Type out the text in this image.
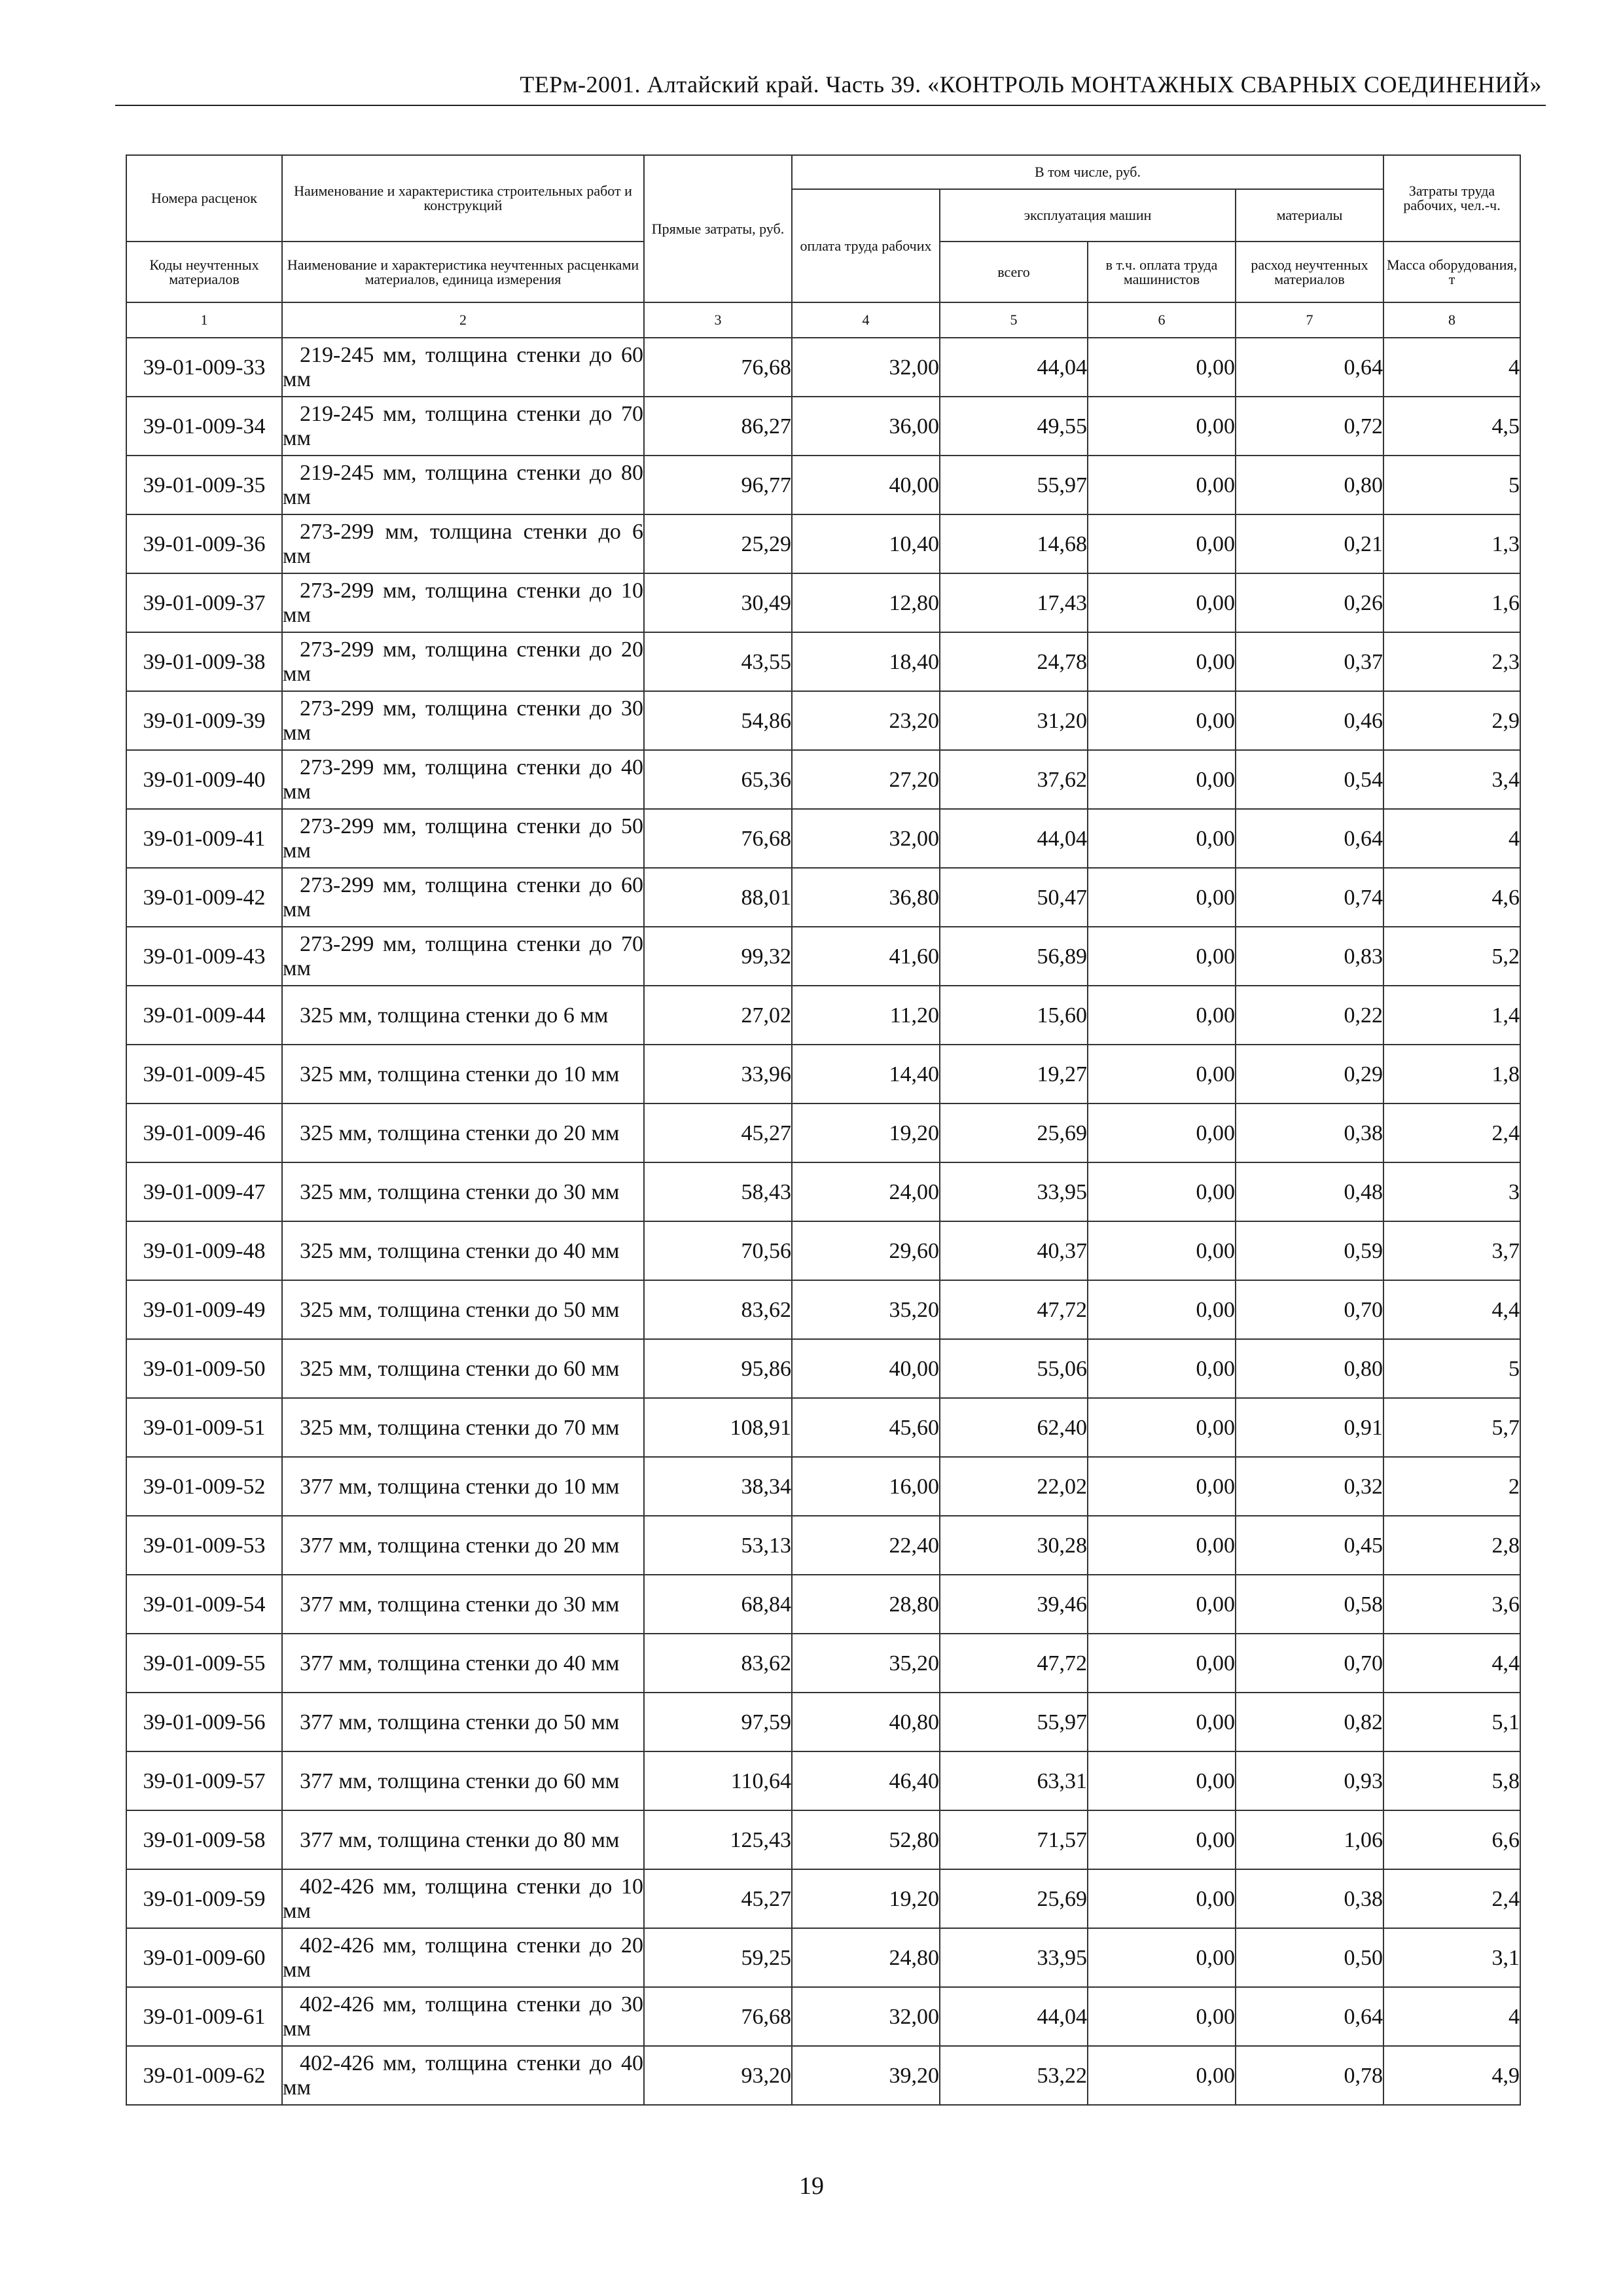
ТЕРм-2001. Алтайский край. Часть 39. «КОНТРОЛЬ МОНТАЖНЫХ СВАРНЫХ СОЕДИНЕНИЙ»
Номера расценок	Наименование и характеристика строительных работ и конструкций	Прямые затраты, руб.	В том числе, руб.				Затраты труда рабочих, чел.-ч.
			оплата труда рабочих	эксплуатация машин		материалы	
Коды неучтенных материалов	Наименование и характеристика неучтенных расценками материалов, единица измерения			всего	в т.ч. оплата труда машинистов	расход неучтенных материалов	Масса оборудования, т
1	2	3	4	5	6	7	8
39-01-009-33	219-245 мм, толщина стенки до 60 мм	76,68	32,00	44,04	0,00	0,64	4
39-01-009-34	219-245 мм, толщина стенки до 70 мм	86,27	36,00	49,55	0,00	0,72	4,5
39-01-009-35	219-245 мм, толщина стенки до 80 мм	96,77	40,00	55,97	0,00	0,80	5
39-01-009-36	273-299 мм, толщина стенки до 6 мм	25,29	10,40	14,68	0,00	0,21	1,3
39-01-009-37	273-299 мм, толщина стенки до 10 мм	30,49	12,80	17,43	0,00	0,26	1,6
39-01-009-38	273-299 мм, толщина стенки до 20 мм	43,55	18,40	24,78	0,00	0,37	2,3
39-01-009-39	273-299 мм, толщина стенки до 30 мм	54,86	23,20	31,20	0,00	0,46	2,9
39-01-009-40	273-299 мм, толщина стенки до 40 мм	65,36	27,20	37,62	0,00	0,54	3,4
39-01-009-41	273-299 мм, толщина стенки до 50 мм	76,68	32,00	44,04	0,00	0,64	4
39-01-009-42	273-299 мм, толщина стенки до 60 мм	88,01	36,80	50,47	0,00	0,74	4,6
39-01-009-43	273-299 мм, толщина стенки до 70 мм	99,32	41,60	56,89	0,00	0,83	5,2
39-01-009-44	325 мм, толщина стенки до 6 мм	27,02	11,20	15,60	0,00	0,22	1,4
39-01-009-45	325 мм, толщина стенки до 10 мм	33,96	14,40	19,27	0,00	0,29	1,8
39-01-009-46	325 мм, толщина стенки до 20 мм	45,27	19,20	25,69	0,00	0,38	2,4
39-01-009-47	325 мм, толщина стенки до 30 мм	58,43	24,00	33,95	0,00	0,48	3
39-01-009-48	325 мм, толщина стенки до 40 мм	70,56	29,60	40,37	0,00	0,59	3,7
39-01-009-49	325 мм, толщина стенки до 50 мм	83,62	35,20	47,72	0,00	0,70	4,4
39-01-009-50	325 мм, толщина стенки до 60 мм	95,86	40,00	55,06	0,00	0,80	5
39-01-009-51	325 мм, толщина стенки до 70 мм	108,91	45,60	62,40	0,00	0,91	5,7
39-01-009-52	377 мм, толщина стенки до 10 мм	38,34	16,00	22,02	0,00	0,32	2
39-01-009-53	377 мм, толщина стенки до 20 мм	53,13	22,40	30,28	0,00	0,45	2,8
39-01-009-54	377 мм, толщина стенки до 30 мм	68,84	28,80	39,46	0,00	0,58	3,6
39-01-009-55	377 мм, толщина стенки до 40 мм	83,62	35,20	47,72	0,00	0,70	4,4
39-01-009-56	377 мм, толщина стенки до 50 мм	97,59	40,80	55,97	0,00	0,82	5,1
39-01-009-57	377 мм, толщина стенки до 60 мм	110,64	46,40	63,31	0,00	0,93	5,8
39-01-009-58	377 мм, толщина стенки до 80 мм	125,43	52,80	71,57	0,00	1,06	6,6
39-01-009-59	402-426 мм, толщина стенки до 10 мм	45,27	19,20	25,69	0,00	0,38	2,4
39-01-009-60	402-426 мм, толщина стенки до 20 мм	59,25	24,80	33,95	0,00	0,50	3,1
39-01-009-61	402-426 мм, толщина стенки до 30 мм	76,68	32,00	44,04	0,00	0,64	4
39-01-009-62	402-426 мм, толщина стенки до 40 мм	93,20	39,20	53,22	0,00	0,78	4,9
19
